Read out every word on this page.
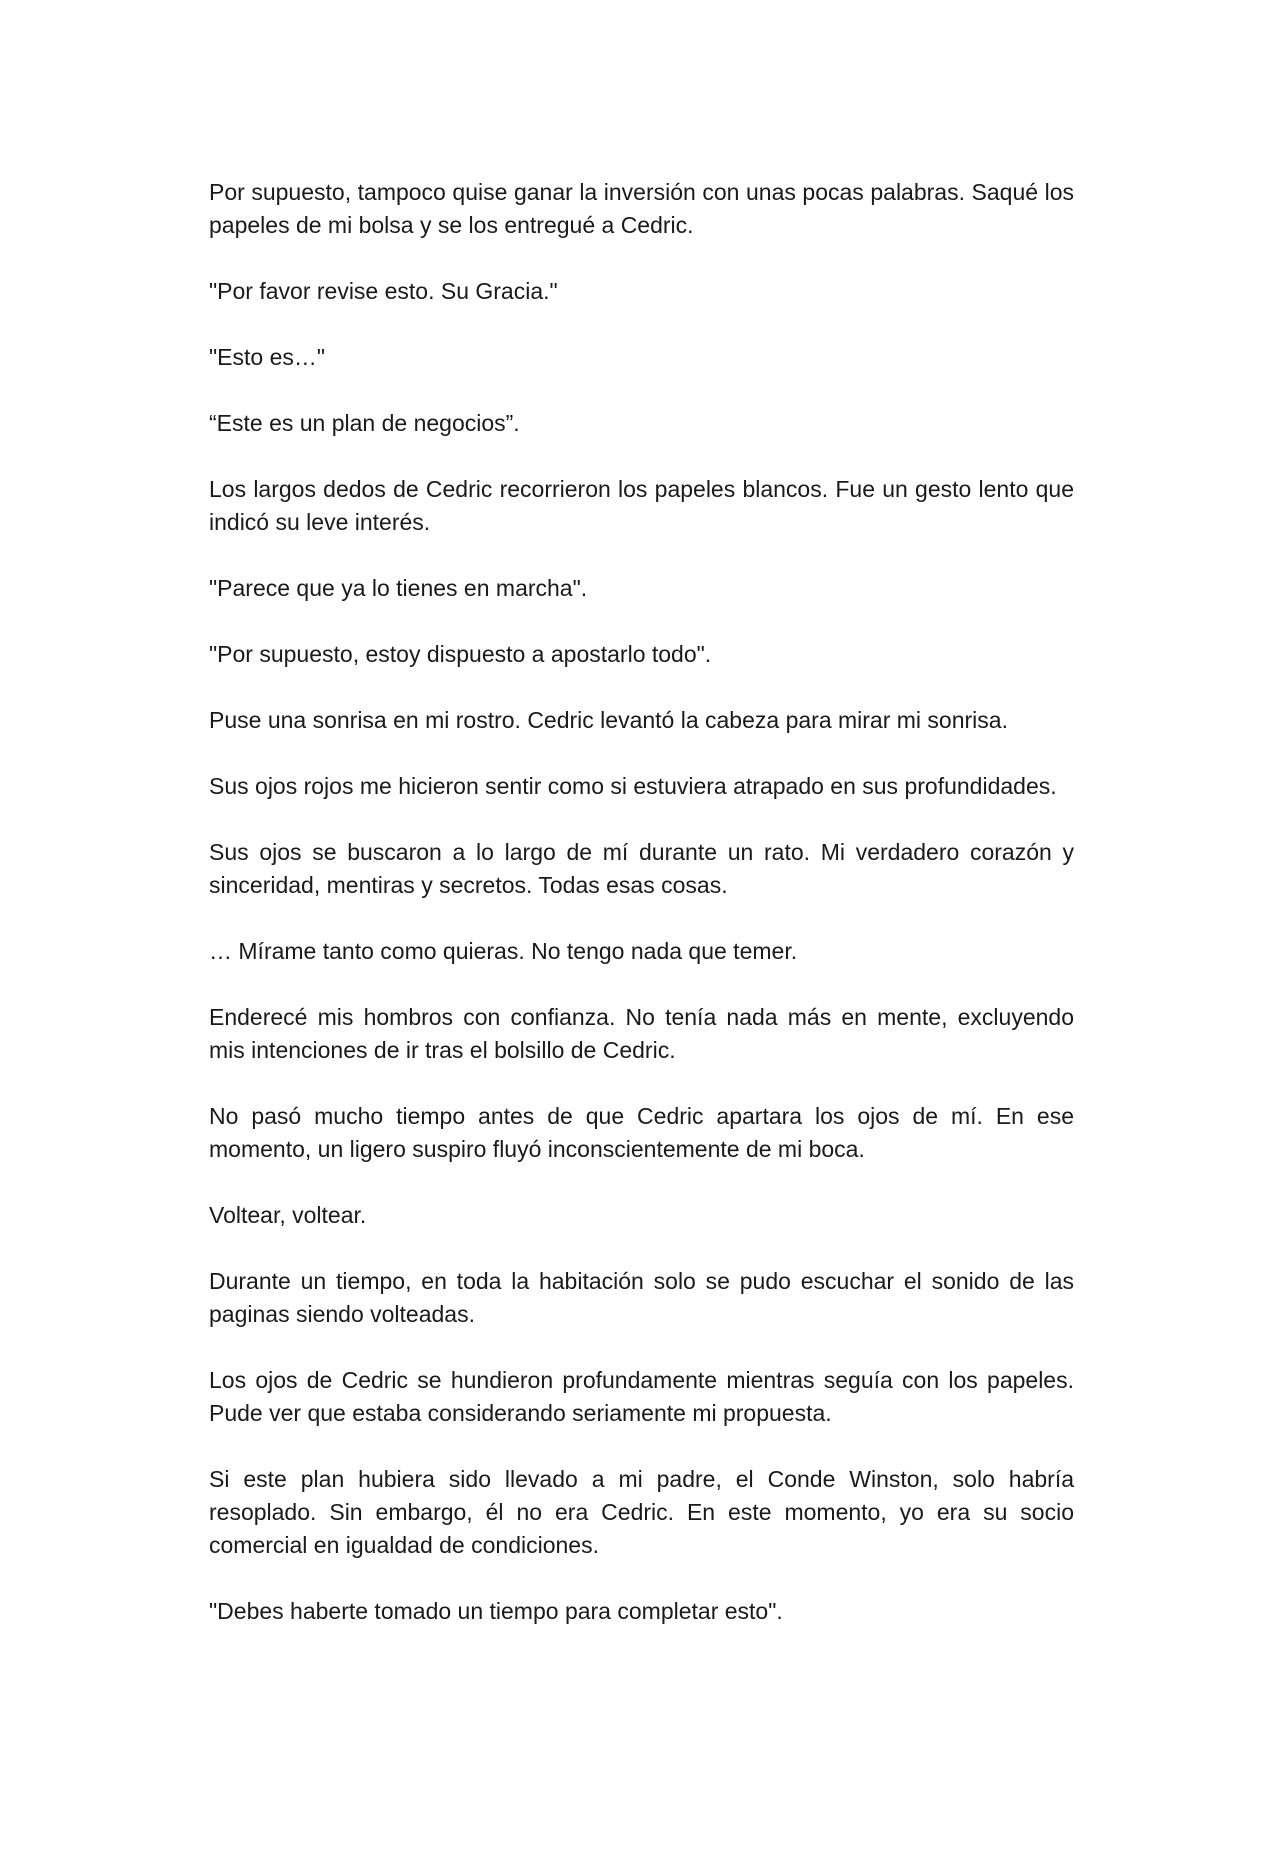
Por supuesto, tampoco quise ganar la inversión con unas pocas palabras. Saqué los papeles de mi bolsa y se los entregué a Cedric.

"Por favor revise esto. Su Gracia."

"Esto es…"

“Este es un plan de negocios”.

Los largos dedos de Cedric recorrieron los papeles blancos. Fue un gesto lento que indicó su leve interés.

"Parece que ya lo tienes en marcha".

"Por supuesto, estoy dispuesto a apostarlo todo".

Puse una sonrisa en mi rostro. Cedric levantó la cabeza para mirar mi sonrisa.

Sus ojos rojos me hicieron sentir como si estuviera atrapado en sus profundidades.

Sus ojos se buscaron a lo largo de mí durante un rato. Mi verdadero corazón y sinceridad, mentiras y secretos. Todas esas cosas.

… Mírame tanto como quieras. No tengo nada que temer.

Enderecé mis hombros con confianza. No tenía nada más en mente, excluyendo mis intenciones de ir tras el bolsillo de Cedric.

No pasó mucho tiempo antes de que Cedric apartara los ojos de mí. En ese momento, un ligero suspiro fluyó inconscientemente de mi boca.

Voltear, voltear.

Durante un tiempo, en toda la habitación solo se pudo escuchar el sonido de las paginas siendo volteadas.

Los ojos de Cedric se hundieron profundamente mientras seguía con los papeles. Pude ver que estaba considerando seriamente mi propuesta.

Si este plan hubiera sido llevado a mi padre, el Conde Winston, solo habría resoplado. Sin embargo, él no era Cedric. En este momento, yo era su socio comercial en igualdad de condiciones.

"Debes haberte tomado un tiempo para completar esto".
